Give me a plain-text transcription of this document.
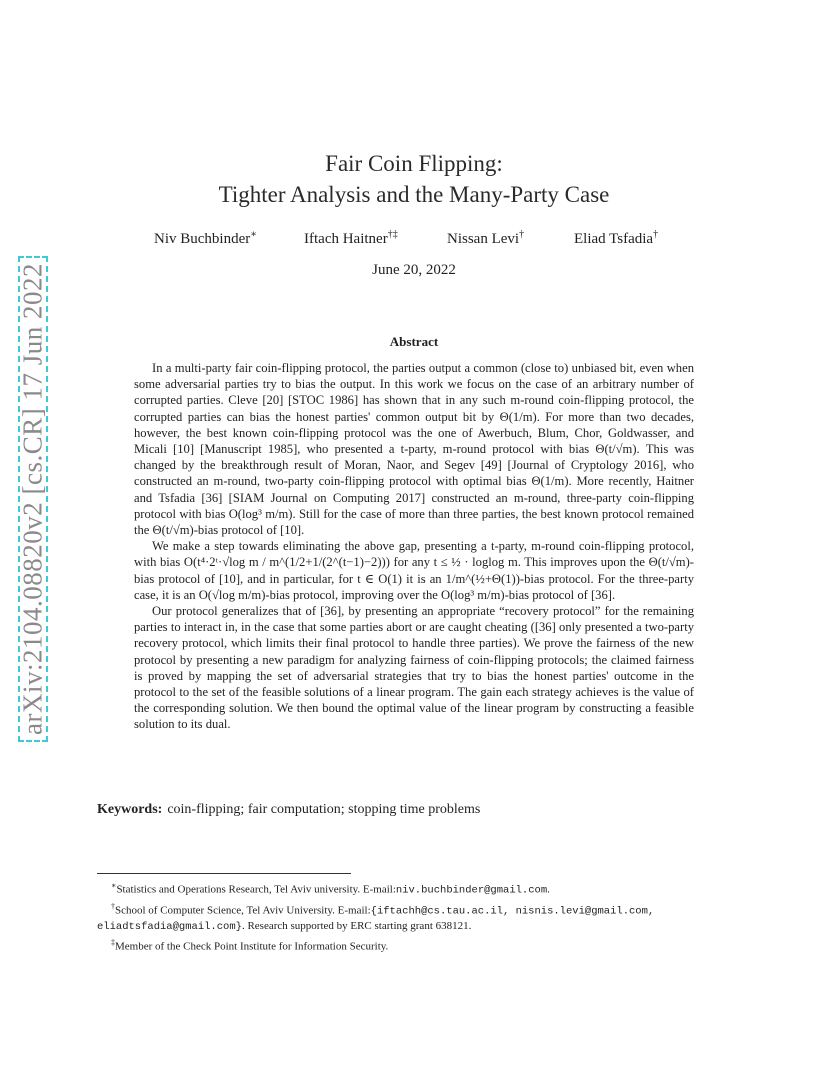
arXiv:2104.08820v2 [cs.CR] 17 Jun 2022
Fair Coin Flipping:
Tighter Analysis and the Many-Party Case
Niv Buchbinder∗	Iftach Haitner†‡	Nissan Levi†	Eliad Tsfadia†
June 20, 2022
Abstract

In a multi-party fair coin-flipping protocol, the parties output a common (close to) unbiased bit, even when some adversarial parties try to bias the output. In this work we focus on the case of an arbitrary number of corrupted parties. Cleve [20] [STOC 1986] has shown that in any such m-round coin-flipping protocol, the corrupted parties can bias the honest parties' common output bit by Θ(1/m). For more than two decades, however, the best known coin-flipping protocol was the one of Awerbuch, Blum, Chor, Goldwasser, and Micali [10] [Manuscript 1985], who presented a t-party, m-round protocol with bias Θ(t/√m). This was changed by the breakthrough result of Moran, Naor, and Segev [49] [Journal of Cryptology 2016], who constructed an m-round, two-party coin-flipping protocol with optimal bias Θ(1/m). More recently, Haitner and Tsfadia [36] [SIAM Journal on Computing 2017] constructed an m-round, three-party coin-flipping protocol with bias O(log³ m/m). Still for the case of more than three parties, the best known protocol remained the Θ(t/√m)-bias protocol of [10].

We make a step towards eliminating the above gap, presenting a t-party, m-round coin-flipping protocol, with bias O(t⁴·2ᵗ·√log m / m^(1/2+1/(2^(t−1)−2))) for any t ≤ ½ · loglog m. This improves upon the Θ(t/√m)-bias protocol of [10], and in particular, for t ∈ O(1) it is an 1/m^(½+Θ(1))-bias protocol. For the three-party case, it is an O(√log m/m)-bias protocol, improving over the O(log³ m/m)-bias protocol of [36].

Our protocol generalizes that of [36], by presenting an appropriate “recovery protocol” for the remaining parties to interact in, in the case that some parties abort or are caught cheating ([36] only presented a two-party recovery protocol, which limits their final protocol to handle three parties). We prove the fairness of the new protocol by presenting a new paradigm for analyzing fairness of coin-flipping protocols; the claimed fairness is proved by mapping the set of adversarial strategies that try to bias the honest parties' outcome in the protocol to the set of the feasible solutions of a linear program. The gain each strategy achieves is the value of the corresponding solution. We then bound the optimal value of the linear program by constructing a feasible solution to its dual.

Keywords: coin-flipping; fair computation; stopping time problems

∗Statistics and Operations Research, Tel Aviv university. E-mail:niv.buchbinder@gmail.com.

†School of Computer Science, Tel Aviv University. E-mail:{iftachh@cs.tau.ac.il, nisnis.levi@gmail.com, eliadtsfadia@gmail.com}. Research supported by ERC starting grant 638121.

‡Member of the Check Point Institute for Information Security.
